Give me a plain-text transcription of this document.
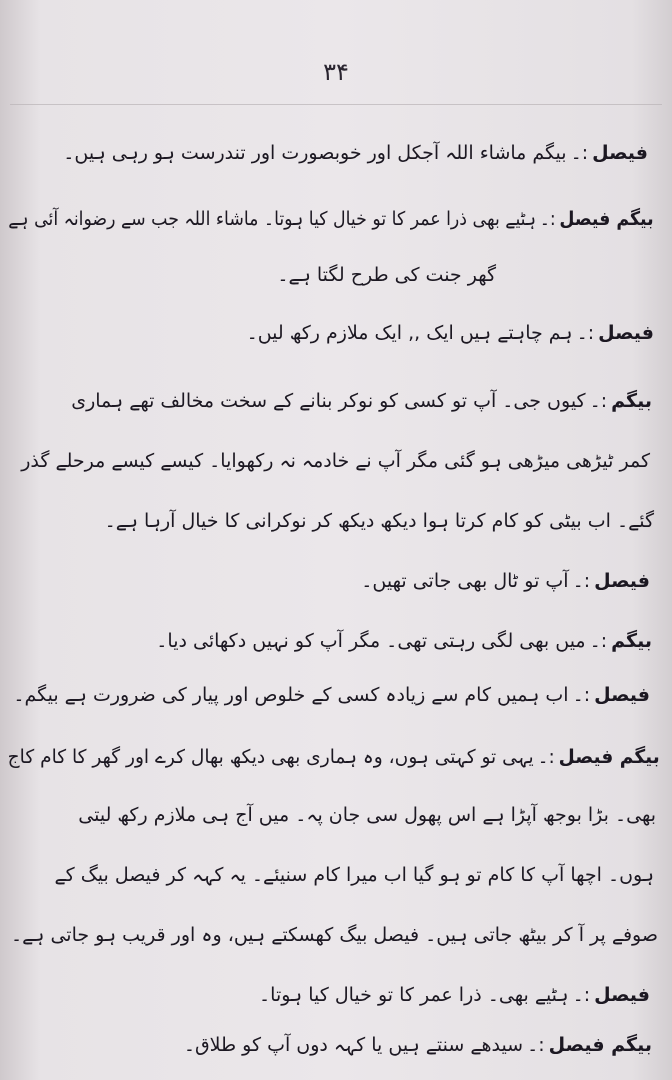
۳۴
فیصل:۔بیگم ماشاء اللہ آجکل اور خوبصورت اور تندرست ہو رہی ہیں۔
بیگم فیصل:۔ہٹیے بھی ذرا عمر کا تو خیال کیا ہوتا۔ ماشاء اللہ جب سے رضوانہ آئی ہے
گھر جنت کی طرح لگتا ہے۔
فیصل:۔ہم چاہتے ہیں ایک ,, ایک ملازم رکھ لیں۔
بیگم:۔کیوں جی۔ آپ تو کسی کو نوکر بنانے کے سخت مخالف تھے ہماری
کمر ٹیڑھی میڑھی ہو گئی مگر آپ نے خادمہ نہ رکھوایا۔ کیسے کیسے مرحلے گذر
گئے۔ اب بیٹی کو کام کرتا ہوا دیکھ دیکھ کر نوکرانی کا خیال آرہا ہے۔
فیصل:۔آپ تو ٹال بھی جاتی تھیں۔
بیگم:۔میں بھی لگی رہتی تھی۔ مگر آپ کو نہیں دکھائی دیا۔
فیصل:۔اب ہمیں کام سے زیادہ کسی کے خلوص اور پیار کی ضرورت ہے بیگم۔
بیگم فیصل:۔یہی تو کہتی ہوں، وہ ہماری بھی دیکھ بھال کرے اور گھر کا کام کاج
بھی۔ بڑا بوجھ آپڑا ہے اس پھول سی جان پہ۔ میں آج ہی ملازم رکھ لیتی
ہوں۔ اچھا آپ کا کام تو ہو گیا اب میرا کام سنیئے۔ یہ کہہ کر فیصل بیگ کے
صوفے پر آ کر بیٹھ جاتی ہیں۔ فیصل بیگ کھسکتے ہیں، وہ اور قریب ہو جاتی ہے۔
فیصل:۔ہٹیے بھی۔ ذرا عمر کا تو خیال کیا ہوتا۔
بیگم فیصل:۔سیدھے سنتے ہیں یا کہہ دوں آپ کو طلاق۔
